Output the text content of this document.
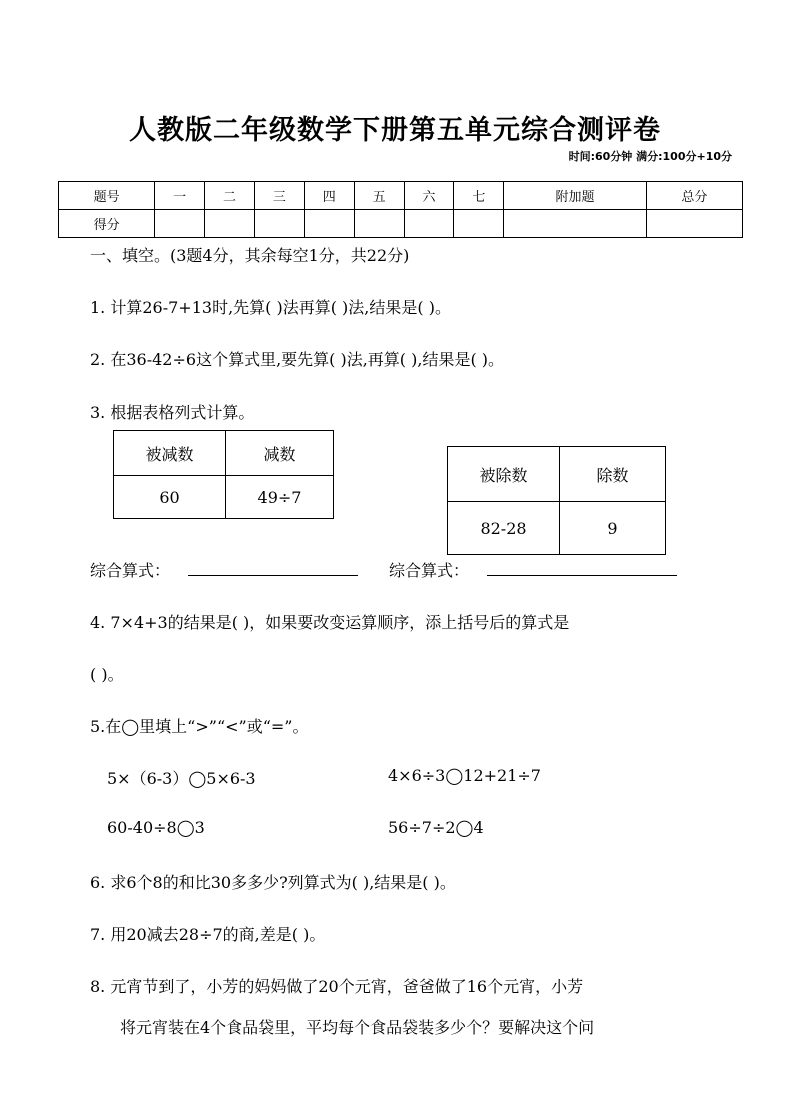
人教版二年级数学下册第五单元综合测评卷
时间:60分钟 满分:100分+10分
题号	一	二	三	四	五	六	七	附加题	总分
得分									
一、填空。(3题4分，其余每空1分，共22分)
1. 计算26-7+13时,先算( )法再算( )法,结果是( )。
2. 在36-42÷6这个算式里,要先算( )法,再算( ),结果是( )。
3. 根据表格列式计算。
被减数	减数
60	49÷7
被除数	除数
82-28	9
综合算式：	综合算式：
4. 7×4+3的结果是( )，如果要改变运算顺序，添上括号后的算式是
( )。
5.在◯里填上“>”“<”或“=”。
5×（6-3）◯5×6-3	4×6÷3◯12+21÷7
60-40÷8◯3	56÷7÷2◯4
6. 求6个8的和比30多多少?列算式为( ),结果是( )。
7. 用20减去28÷7的商,差是( )。
8. 元宵节到了，小芳的妈妈做了20个元宵，爸爸做了16个元宵，小芳
将元宵装在4个食品袋里，平均每个食品袋装多少个？要解决这个问
